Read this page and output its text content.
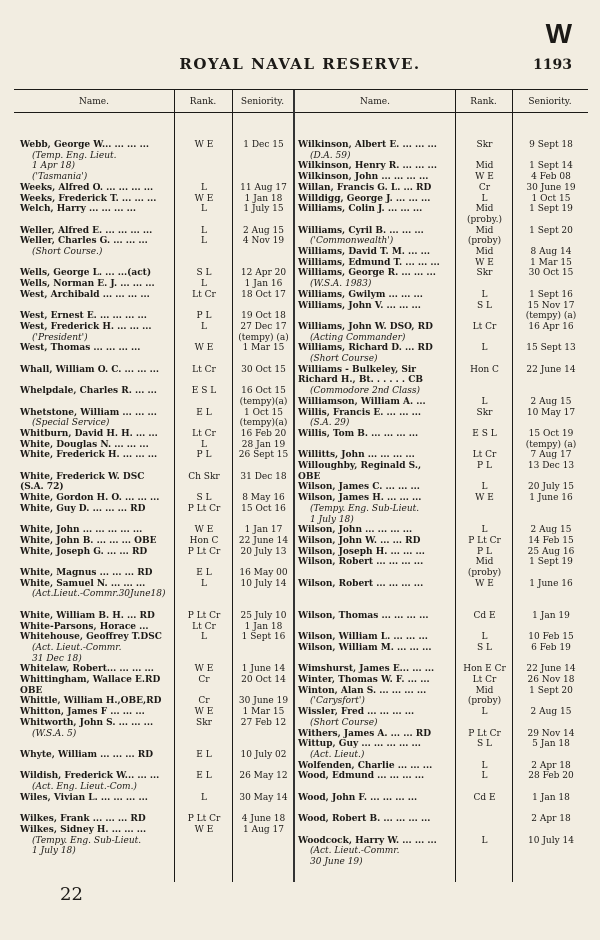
W
ROYAL NAVAL RESERVE.	1193
Name.	Rank.	Seniority.	Name.	Rank.	Seniority.
Webb, George W... ... ... ...	W E	1 Dec 15
(Temp. Eng. Lieut.
1 Apr 18)
('Tasmania')
Weeks, Alfred O. ... ... ... ...	L	11 Aug 17
Weeks, Frederick T. ... ... ...	W E	1 Jan 18
Welch, Harry ... ... ... ...	L	1 July 15
Weller, Alfred E. ... ... ... ...	L	2 Aug 15
Weller, Charles G. ... ... ...	L	4 Nov 19
(Short Course.)
Wells, George L. ... ...(act)	S L	12 Apr 20
Wells, Norman E. J. ... ... ...	L	1 Jan 16
West, Archibald ... ... ... ...	Lt Cr	18 Oct 17
West, Ernest E. ... ... ... ...	P L	19 Oct 18
West, Frederick H. ... ... ...	L	27 Dec 17
('President')	(tempy) (a)
West, Thomas ... ... ... ...	W E	1 Mar 15
Whall, William O. C. ... ... ...	Lt Cr	30 Oct 15
Whelpdale, Charles R. ... ...	E S L	16 Oct 15
(tempy)(a)
Whetstone, William ... ... ...	E L	1 Oct 15
(Special Service)	(tempy)(a)
Whitburn, David H. H. ... ...	Lt Cr	16 Feb 20
White, Douglas N. ... ... ...	L	28 Jan 19
White, Frederick H. ... ... ...	P L	26 Sept 15
White, Frederick W. DSC	Ch Skr	31 Dec 18
(S.A. 72)
White, Gordon H. O. ... ... ...	S L	8 May 16
White, Guy D. ... ... ... RD	P Lt Cr	15 Oct 16
White, John ... ... ... ... ...	W E	1 Jan 17
White, John B. ... ... ... OBE	Hon C	22 June 14
White, Joseph G. ... ... RD	P Lt Cr	20 July 13
White, Magnus ... ... ... RD	E L	16 May 00
White, Samuel N. ... ... ...	L	10 July 14
(Act.Lieut.-Commr.30June18)
White, William B. H. ... RD	P Lt Cr	25 July 10
White-Parsons, Horace ...	Lt Cr	1 Jan 18
Whitehouse, Geoffrey T.DSC	L	1 Sept 16
(Act. Lieut.-Commr.
31 Dec 18)
Whitelaw, Robert... ... ... ...	W E	1 June 14
Whittingham, Wallace E.RD	Cr	20 Oct 14
OBE
Whittle, William H.,OBE,RD	Cr	30 June 19
Whitton, James F ... ... ...	W E	1 Mar 15
Whitworth, John S. ... ... ...	Skr	27 Feb 12
(W.S.A. 5)
Whyte, William ... ... ... RD	E L	10 July 02
Wildish, Frederick W... ... ...	E L	26 May 12
(Act. Eng. Lieut.-Com.)
Wiles, Vivian L. ... ... ... ...	L	30 May 14
Wilkes, Frank ... ... ... RD	P Lt Cr	4 June 18
Wilkes, Sidney H. ... ... ...	W E	1 Aug 17
(Tempy. Eng. Sub-Lieut.
1 July 18)
Wilkinson, Albert E. ... ... ...	Skr	9 Sept 18
(D.A. 59)
Wilkinson, Henry R. ... ... ...	Mid	1 Sept 14
Wilkinson, John ... ... ... ...	W E	4 Feb 08
Willan, Francis G. L. ... RD	Cr	30 June 19
Willdigg, George J. ... ... ...	L	1 Oct 15
Williams, Colin J. ... ... ...	Mid	1 Sept 19
(proby.)
Williams, Cyril B. ... ... ...	Mid	1 Sept 20
('Commonwealth')	(proby)
Williams, David T. M. ... ...	Mid	8 Aug 14
Williams, Edmund T. ... ... ...	W E	1 Mar 15
Williams, George R. ... ... ...	Skr	30 Oct 15
(W.S.A. 1983)
Williams, Gwilym ... ... ...	L	1 Sept 16
Williams, John V. ... ... ...	S L	15 Nov 17
(tempy) (a)
Williams, John W. DSO, RD	Lt Cr	16 Apr 16
(Acting Commander)
Williams, Richard D. ... RD	L	15 Sept 13
(Short Course)
Williams - Bulkeley, Sir	Hon C	22 June 14
Richard H., Bt. . . . . . CB
(Commodore 2nd Class)
Williamson, William A. ...	L	2 Aug 15
Willis, Francis E. ... ... ...	Skr	10 May 17
(S.A. 29)
Willis, Tom B. ... ... ... ...	E S L	15 Oct 19
(tempy) (a)
Willitts, John ... ... ... ...	Lt Cr	7 Aug 17
Willoughby, Reginald S.,	P L	13 Dec 13
OBE
Wilson, James C. ... ... ...	L	20 July 15
Wilson, James H. ... ... ...	W E	1 June 16
(Tempy. Eng. Sub-Lieut.
1 July 18)
Wilson, John ... ... ... ...	L	2 Aug 15
Wilson, John W. ... ... RD	P Lt Cr	14 Feb 15
Wilson, Joseph H. ... ... ...	P L	25 Aug 16
Wilson, Robert ... ... ... ...	Mid	1 Sept 19
(proby)
Wilson, Robert ... ... ... ...	W E	1 June 16
Wilson, Thomas ... ... ... ...	Cd E	1 Jan 19
Wilson, William L. ... ... ...	L	10 Feb 15
Wilson, William M. ... ... ...	S L	6 Feb 19
Wimshurst, James E... ... ...	Hon E Cr	22 June 14
Winter, Thomas W. F. ... ...	Lt Cr	26 Nov 18
Winton, Alan S. ... ... ... ...	Mid	1 Sept 20
('Carysfort')	(proby)
Wissler, Fred ... ... ... ...	L	2 Aug 15
(Short Course)
Withers, James A. ... ... RD	P Lt Cr	29 Nov 14
Wittup, Guy ... ... ... ... ...	S L	5 Jan 18
(Act. Lieut.)
Wolfenden, Charlie ... ... ...	L	2 Apr 18
Wood, Edmund ... ... ... ...	L	28 Feb 20
Wood, John F. ... ... ... ...	Cd E	1 Jan 18
Wood, Robert B. ... ... ... ...	2 Apr 18
Woodcock, Harry W. ... ... ...	L	10 July 14
(Act. Lieut.-Commr.
30 June 19)
22
